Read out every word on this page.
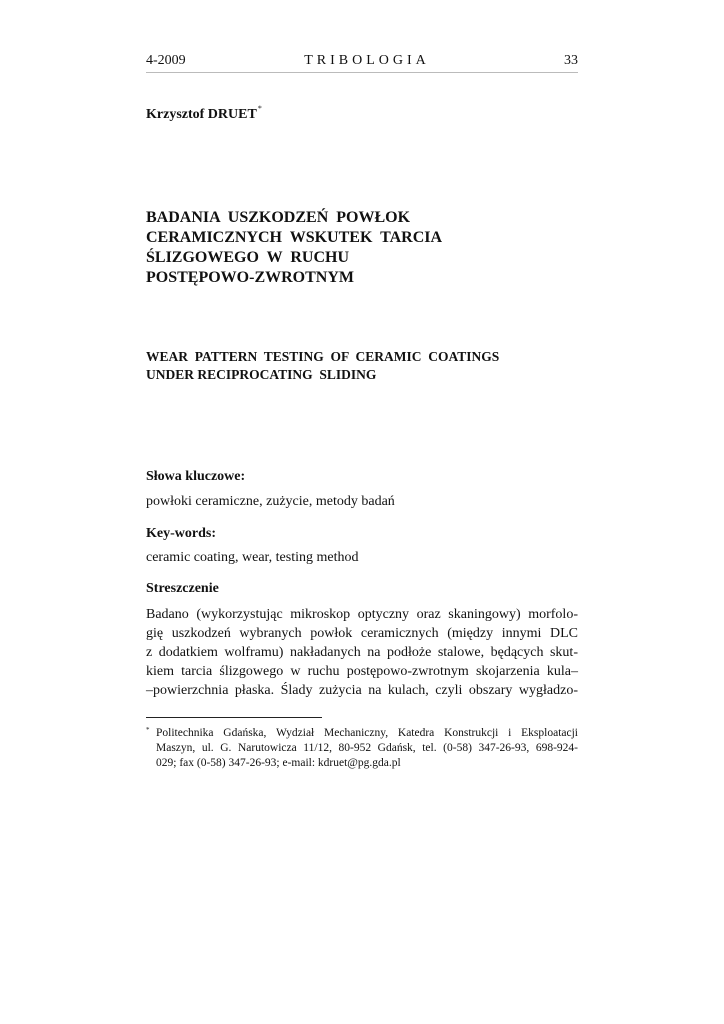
4-2009	TRIBOLOGIA	33
Krzysztof DRUET*
BADANIA  USZKODZEŃ  POWŁOK
CERAMICZNYCH  WSKUTEK  TARCIA
ŚLIZGOWEGO  W  RUCHU
POSTĘPOWO-ZWROTNYM
WEAR  PATTERN  TESTING  OF  CERAMIC  COATINGS
UNDER RECIPROCATING  SLIDING
Słowa kluczowe:
powłoki ceramiczne, zużycie, metody badań
Key-words:
ceramic coating, wear, testing method
Streszczenie
Badano (wykorzystując mikroskop optyczny oraz skaningowy) morfolo-
gię uszkodzeń wybranych powłok ceramicznych (między innymi DLC
z dodatkiem wolframu) nakładanych na podłoże stalowe, będących skut-
kiem tarcia ślizgowego w ruchu postępowo-zwrotnym skojarzenia kula–
–powierzchnia płaska. Ślady zużycia na kulach, czyli obszary wygładzo-
* Politechnika Gdańska, Wydział Mechaniczny, Katedra Konstrukcji i Eksploatacji
Maszyn, ul. G. Narutowicza 11/12, 80-952 Gdańsk, tel. (0-58) 347-26-93, 698-924-
029; fax (0-58) 347-26-93; e-mail: kdruet@pg.gda.pl
